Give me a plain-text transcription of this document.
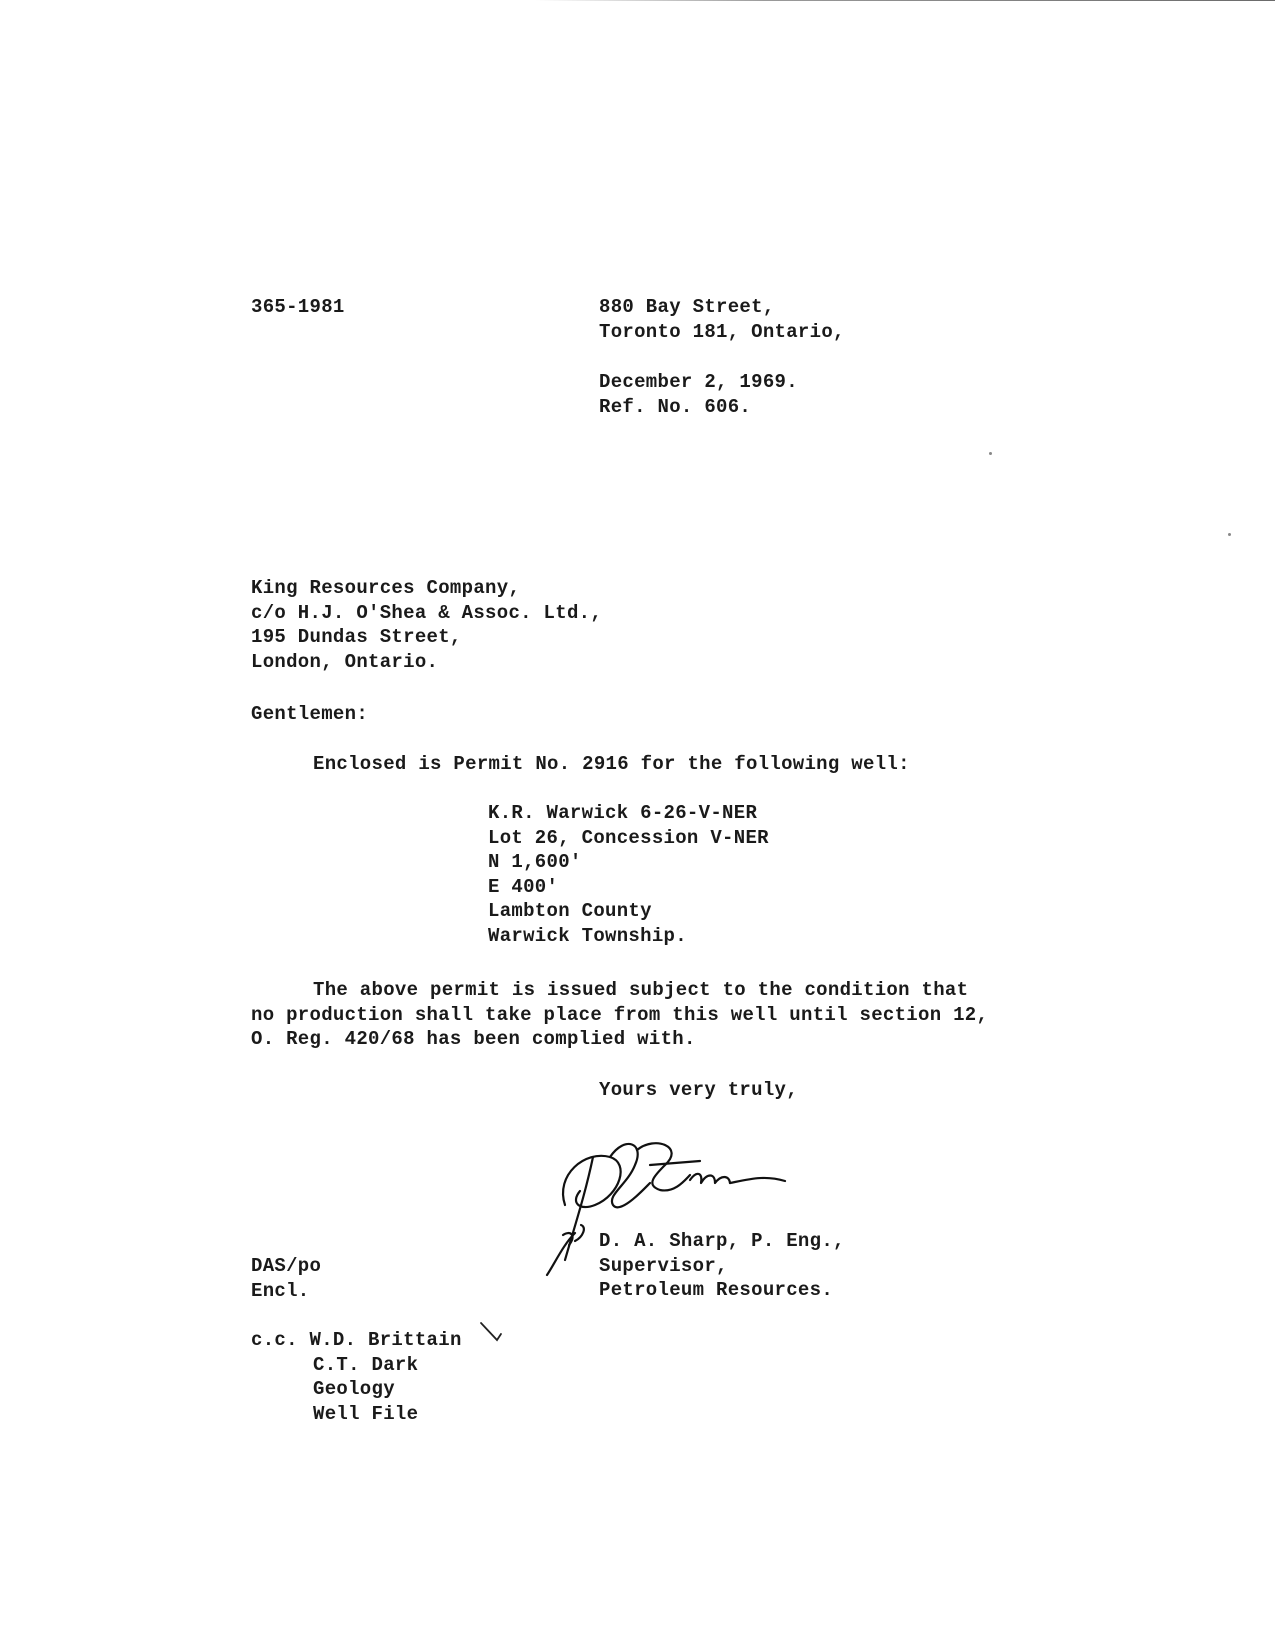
365-1981	880 Bay Street,
Toronto 181, Ontario,
December 2, 1969.
Ref. No. 606.
King Resources Company,
c/o H.J. O'Shea & Assoc. Ltd.,
195 Dundas Street,
London, Ontario.
Gentlemen:
Enclosed is Permit No. 2916 for the following well:
K.R. Warwick 6-26-V-NER
Lot 26, Concession V-NER
N 1,600'
E 400'
Lambton County
Warwick Township.
The above permit is issued subject to the condition that
no production shall take place from this well until section 12,
O. Reg. 420/68 has been complied with.
Yours very truly,
D. A. Sharp, P. Eng.,
Supervisor,
Petroleum Resources.
DAS/po
Encl.
c.c. W.D. Brittain
C.T. Dark
Geology
Well File
